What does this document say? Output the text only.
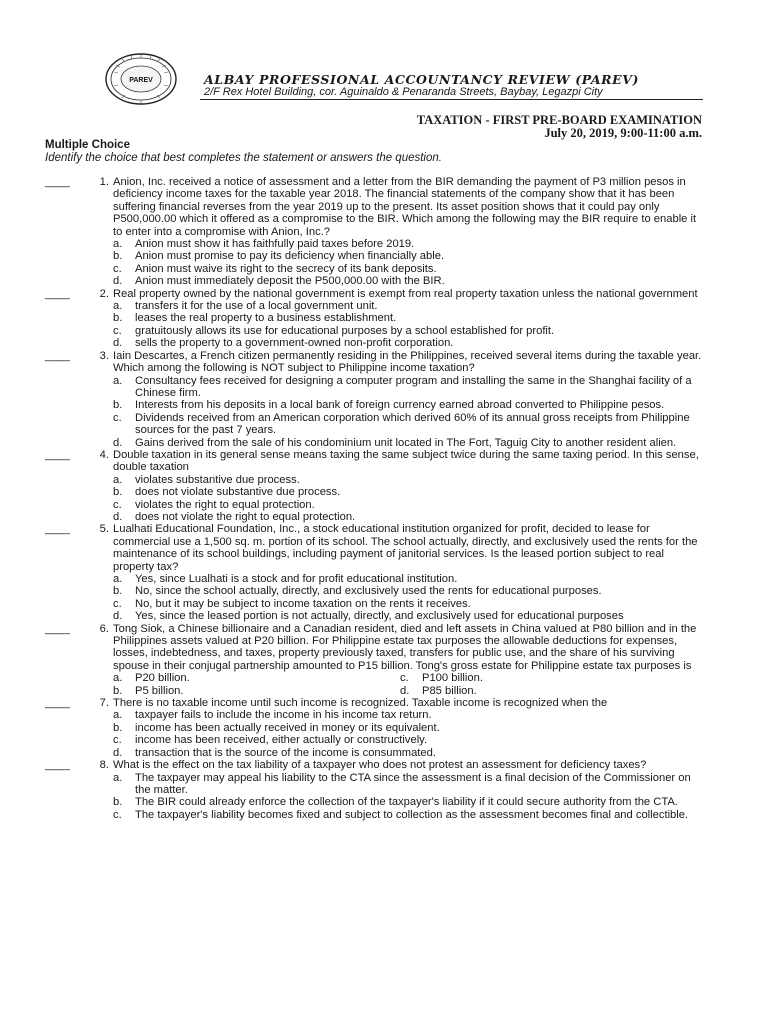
PAREV	ALBAY PROFESSIONAL ACCOUNTANCY REVIEW (PAREV)
2/F Rex Hotel Building, cor. Aguinaldo & Penaranda Streets, Baybay, Legazpi City
TAXATION - FIRST PRE-BOARD EXAMINATION
July 20, 2019, 9:00-11:00 a.m.
Multiple Choice
Identify the choice that best completes the statement or answers the question.
____	1. Anion, Inc. received a notice of assessment and a letter from the BIR demanding the payment of P3 million pesos in deficiency income taxes for the taxable year 2018. The financial statements of the company show that it has been suffering financial reverses from the year 2019 up to the present. Its asset position shows that it could pay only P500,000.00 which it offered as a compromise to the BIR. Which among the following may the BIR require to enable it to enter into a compromise with Anion, Inc.?

a. Anion must show it has faithfully paid taxes before 2019.
b. Anion must promise to pay its deficiency when financially able.
c. Anion must waive its right to the secrecy of its bank deposits.
d. Anion must immediately deposit the P500,000.00 with the BIR.
____	2. Real property owned by the national government is exempt from real property taxation unless the national government

a. transfers it for the use of a local government unit.
b. leases the real property to a business establishment.
c. gratuitously allows its use for educational purposes by a school established for profit.
d. sells the property to a government-owned non-profit corporation.
____	3. Iain Descartes, a French citizen permanently residing in the Philippines, received several items during the taxable year. Which among the following is NOT subject to Philippine income taxation?

a. Consultancy fees received for designing a computer program and installing the same in the Shanghai facility of a Chinese firm.
b. Interests from his deposits in a local bank of foreign currency earned abroad converted to Philippine pesos.
c. Dividends received from an American corporation which derived 60% of its annual gross receipts from Philippine sources for the past 7 years.
d. Gains derived from the sale of his condominium unit located in The Fort, Taguig City to another resident alien.
____	4. Double taxation in its general sense means taxing the same subject twice during the same taxing period. In this sense, double taxation

a. violates substantive due process.
b. does not violate substantive due process.
c. violates the right to equal protection.
d. does not violate the right to equal protection.
____	5. Lualhati Educational Foundation, Inc., a stock educational institution organized for profit, decided to lease for commercial use a 1,500 sq. m. portion of its school. The school actually, directly, and exclusively used the rents for the maintenance of its school buildings, including payment of janitorial services. Is the leased portion subject to real property tax?

a. Yes, since Lualhati is a stock and for profit educational institution.
b. No, since the school actually, directly, and exclusively used the rents for educational purposes.
c. No, but it may be subject to income taxation on the rents it receives.
d. Yes, since the leased portion is not actually, directly, and exclusively used for educational purposes
____	6. Tong Siok, a Chinese billionaire and a Canadian resident, died and left assets in China valued at P80 billion and in the Philippines assets valued at P20 billion. For Philippine estate tax purposes the allowable deductions for expenses, losses, indebtedness, and taxes, property previously taxed, transfers for public use, and the share of his surviving spouse in their conjugal partnership amounted to P15 billion. Tong's gross estate for Philippine estate tax purposes is

a. P20 billion.	c. P100 billion.
b. P5 billion.	d. P85 billion.
____	7. There is no taxable income until such income is recognized. Taxable income is recognized when the

a. taxpayer fails to include the income in his income tax return.
b. income has been actually received in money or its equivalent.
c. income has been received, either actually or constructively.
d. transaction that is the source of the income is consummated.
____	8. What is the effect on the tax liability of a taxpayer who does not protest an assessment for deficiency taxes?

a. The taxpayer may appeal his liability to the CTA since the assessment is a final decision of the Commissioner on the matter.
b. The BIR could already enforce the collection of the taxpayer's liability if it could secure authority from the CTA.
c. The taxpayer's liability becomes fixed and subject to collection as the assessment becomes final and collectible.
